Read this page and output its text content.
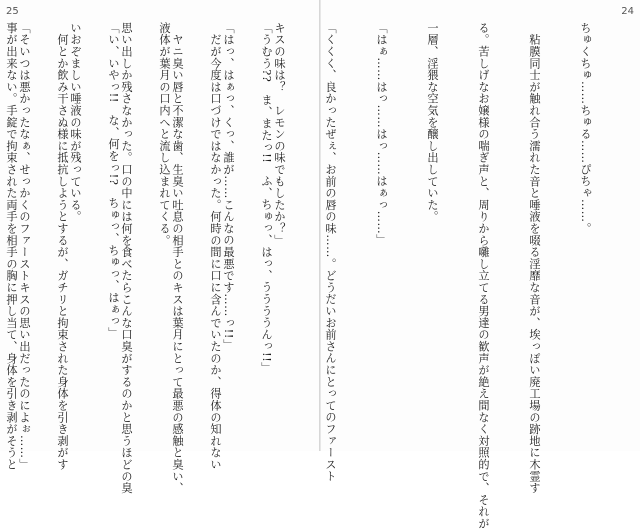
25

「うむう??　ま、またっ!!　ふ、ちゅっ、はっ、ううううんっ!!」

　だが今度は口づけではなかった。何時の間に口に含んでいたのか、得体の知れない

液体が葉月の口内へと流し込まれてくる。

「い、いやっ!!　な、何をっ!?　ちゅっ、ちゅっ、はぁっ」

　何とか飲み干さぬ様に抵抗しようとするが、ガチリと拘束された身体を引き剥がす

事が出来ない。手錠で拘束された両手を相手の胸に押し当て、身体を引き剥がそうと

24

ちゅくちゅ……ちゅる……ぴちゃ……。

　粘膜同士が触れ合う濡れた音と唾液を啜る淫靡な音が、埃っぽい廃工場の跡地に木霊す

る。苦しげなお嬢様の喘ぎ声と、周りから囃し立てる男達の歓声が絶え間なく対照的で、それが

一層、淫猥な空気を醸し出していた。

「はぁ……はっ……はっ……はぁっ……」

「くくく、良かったぜぇ、お前の唇の味……。どうだいお前さんにとってのファースト

キスの味は？　レモンの味でもしたか？」

「はっ、はぁっ、くっ、誰が……こんなの最悪です……っ!!」

　ヤニ臭い唇と不潔な歯、生臭い吐息の相手とのキスは葉月にとって最悪の感触と臭い、

思い出しか残さなかった。口の中には何を食べたらこんな口臭がするのかと思うほどの臭

いおぞましい唾液の味が残っている。

「そいつは悪かったなぁ、せっかくのファーストキスの思い出だったのによぉ……」
